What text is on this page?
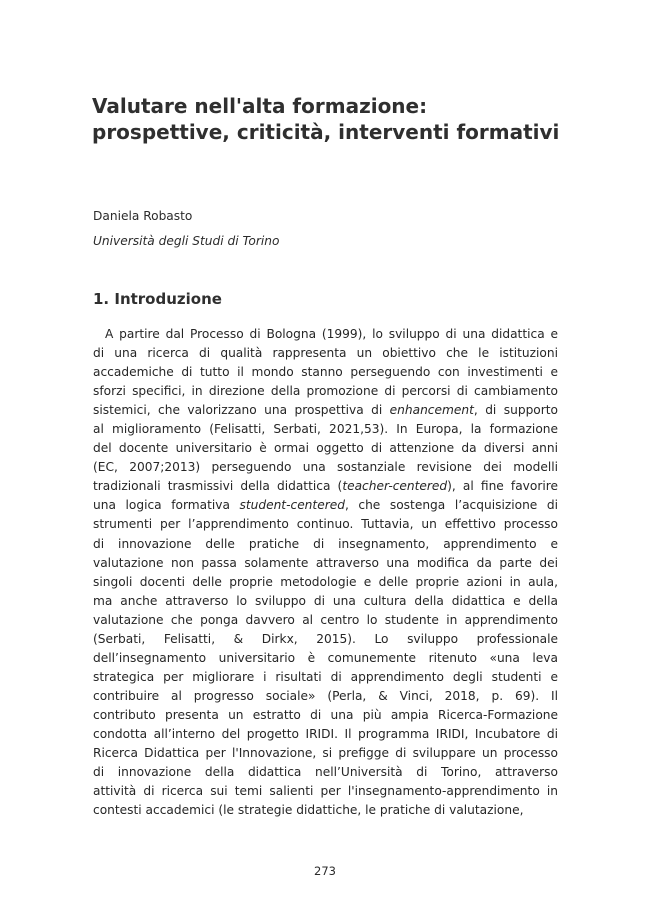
Valutare nell'alta formazione: prospettive, criticità, interventi formativi
Daniela Robasto
Università degli Studi di Torino
1. Introduzione
A partire dal Processo di Bologna (1999), lo sviluppo di una didattica e
di una ricerca di qualità rappresenta un obiettivo che le istituzioni
accademiche di tutto il mondo stanno perseguendo con investimenti e
sforzi specifici, in direzione della promozione di percorsi di cambiamento
sistemici, che valorizzano una prospettiva di enhancement, di supporto
al miglioramento (Felisatti, Serbati, 2021,53). In Europa, la formazione
del docente universitario è ormai oggetto di attenzione da diversi anni
(EC, 2007;2013) perseguendo una sostanziale revisione dei modelli
tradizionali trasmissivi della didattica (teacher-centered), al fine favorire
una logica formativa student-centered, che sostenga l’acquisizione di
strumenti per l’apprendimento continuo. Tuttavia, un effettivo processo
di innovazione delle pratiche di insegnamento, apprendimento e
valutazione non passa solamente attraverso una modifica da parte dei
singoli docenti delle proprie metodologie e delle proprie azioni in aula,
ma anche attraverso lo sviluppo di una cultura della didattica e della
valutazione che ponga davvero al centro lo studente in apprendimento
(Serbati, Felisatti, & Dirkx, 2015). Lo sviluppo professionale
dell’insegnamento universitario è comunemente ritenuto «una leva
strategica per migliorare i risultati di apprendimento degli studenti e
contribuire al progresso sociale» (Perla, & Vinci, 2018, p. 69). Il
contributo presenta un estratto di una più ampia Ricerca-Formazione
condotta all’interno del progetto IRIDI. Il programma IRIDI, Incubatore di
Ricerca Didattica per l'Innovazione, si prefigge di sviluppare un processo
di innovazione della didattica nell’Università di Torino, attraverso
attività di ricerca sui temi salienti per l'insegnamento-apprendimento in
contesti accademici (le strategie didattiche, le pratiche di valutazione,
273
